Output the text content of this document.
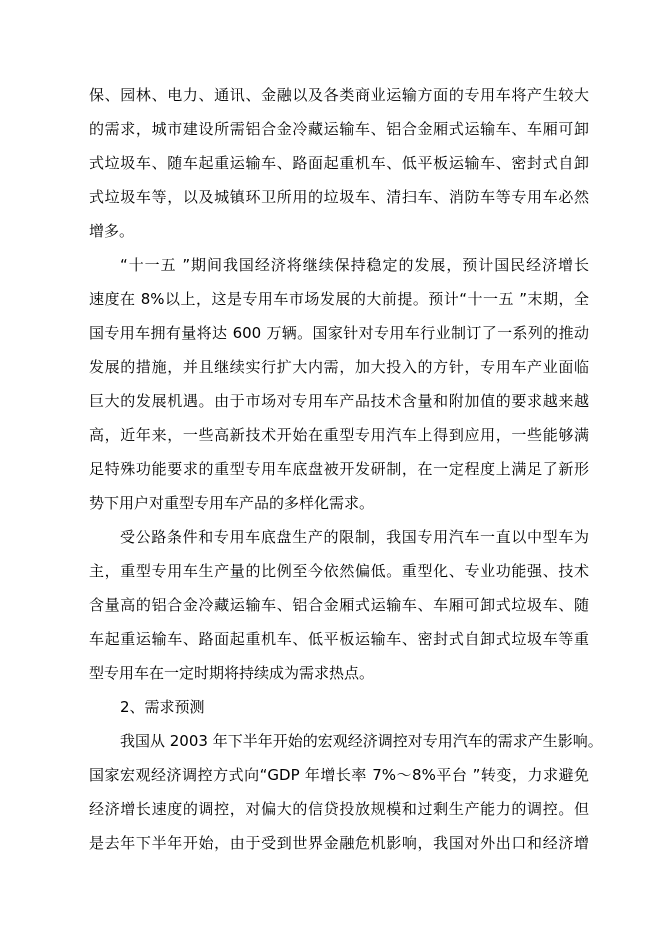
保、园林、电力、通讯、金融以及各类商业运输方面的专用车将产生较大
的需求，城市建设所需铝合金冷藏运输车、铝合金厢式运输车、车厢可卸
式垃圾车、随车起重运输车、路面起重机车、低平板运输车、密封式自卸
式垃圾车等，以及城镇环卫所用的垃圾车、清扫车、消防车等专用车必然
增多。
“十一五 ”期间我国经济将继续保持稳定的发展，预计国民经济增长
速度在 8%以上，这是专用车市场发展的大前提。预计“十一五 ”末期，全
国专用车拥有量将达 600 万辆。国家针对专用车行业制订了一系列的推动
发展的措施，并且继续实行扩大内需，加大投入的方针，专用车产业面临
巨大的发展机遇。由于市场对专用车产品技术含量和附加值的要求越来越
高，近年来，一些高新技术开始在重型专用汽车上得到应用，一些能够满
足特殊功能要求的重型专用车底盘被开发研制，在一定程度上满足了新形
势下用户对重型专用车产品的多样化需求。
受公路条件和专用车底盘生产的限制，我国专用汽车一直以中型车为
主，重型专用车生产量的比例至今依然偏低。重型化、专业功能强、技术
含量高的铝合金冷藏运输车、铝合金厢式运输车、车厢可卸式垃圾车、随
车起重运输车、路面起重机车、低平板运输车、密封式自卸式垃圾车等重
型专用车在一定时期将持续成为需求热点。
2、需求预测
我国从 2003 年下半年开始的宏观经济调控对专用汽车的需求产生影响。
国家宏观经济调控方式向“GDP 年增长率 7%～8%平台 ”转变，力求避免
经济增长速度的调控，对偏大的信贷投放规模和过剩生产能力的调控。但
是去年下半年开始，由于受到世界金融危机影响，我国对外出口和经济增
